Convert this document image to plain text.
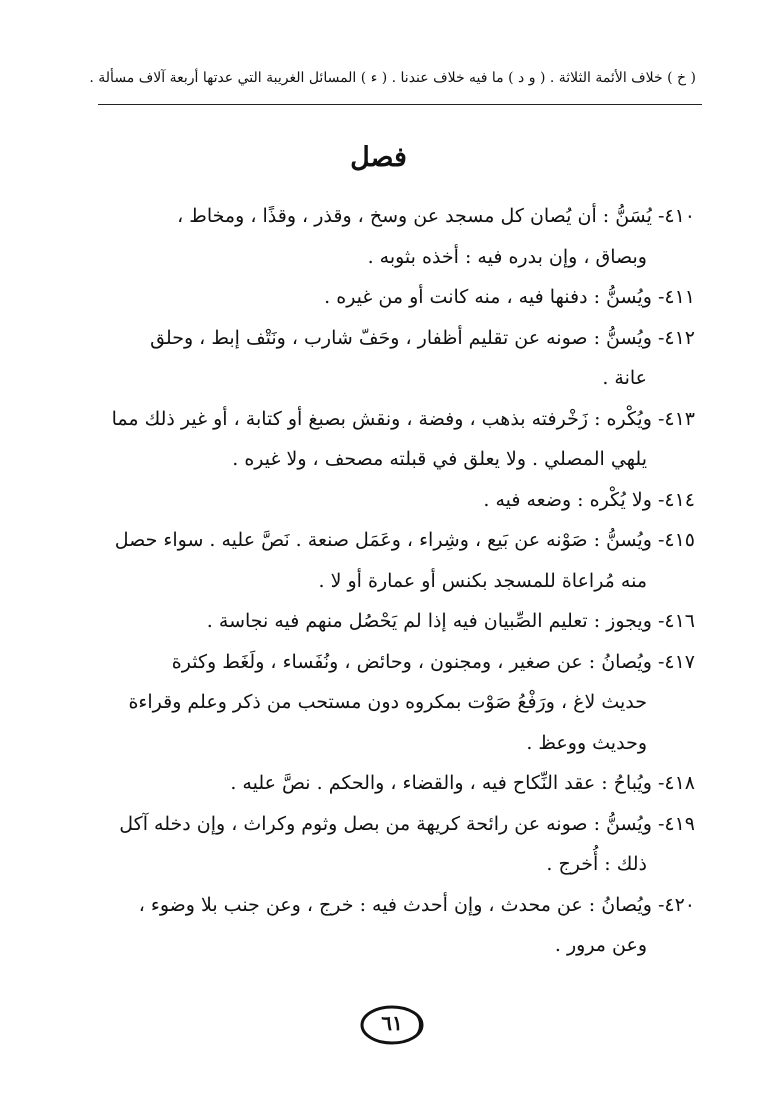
( خ ) خلاف الأئمة الثلاثة . ( و د ) ما فيه خلاف عندنا . ( ء ) المسائل الغريبة التي عدتها أربعة آلاف مسألة .
فصل

٤١٠- يُسَنُّ : أن يُصان كل مسجد عن وسخ ، وقذر ، وقذًا ، ومخاط ،
وبصاق ، وإن بدره فيه : أخذه بثوبه .

٤١١- ويُسنُّ : دفنها فيه ، منه كانت أو من غيره .

٤١٢- ويُسنُّ : صونه عن تقليم أظفار ، وحَفّ شارب ، ونَتْف إبط ، وحلق
عانة .

٤١٣- ويُكْره : زَخْرفته بذهب ، وفضة ، ونقش بصبغ أو كتابة ، أو غير ذلك مما
يلهي المصلي . ولا يعلق في قبلته مصحف ، ولا غيره .

٤١٤- ولا يُكْره : وضعه فيه .

٤١٥- ويُسنُّ : صَوْنه عن بَيع ، وشِراء ، وعَمَل صنعة . نَصَّ عليه . سواء حصل
منه مُراعاة للمسجد بكنس أو عمارة أو لا .

٤١٦- ويجوز : تعليم الصِّبيان فيه إذا لم يَحْصُل منهم فيه نجاسة .

٤١٧- ويُصانُ : عن صغير ، ومجنون ، وحائض ، ونُفَساء ، ولَغَط وكثرة
حديث لاغ ، ورَفْعُ صَوْت بمكروه دون مستحب من ذكر وعلم وقراءة
وحديث ووعظ .

٤١٨- ويُباحُ : عقد النِّكاح فيه ، والقضاء ، والحكم . نصَّ عليه .

٤١٩- ويُسنُّ : صونه عن رائحة كريهة من بصل وثوم وكراث ، وإن دخله آكل
ذلك : أُخرج .

٤٢٠- ويُصانُ : عن محدث ، وإن أحدث فيه : خرج ، وعن جنب بلا وضوء ،
وعن مرور .

٦١
